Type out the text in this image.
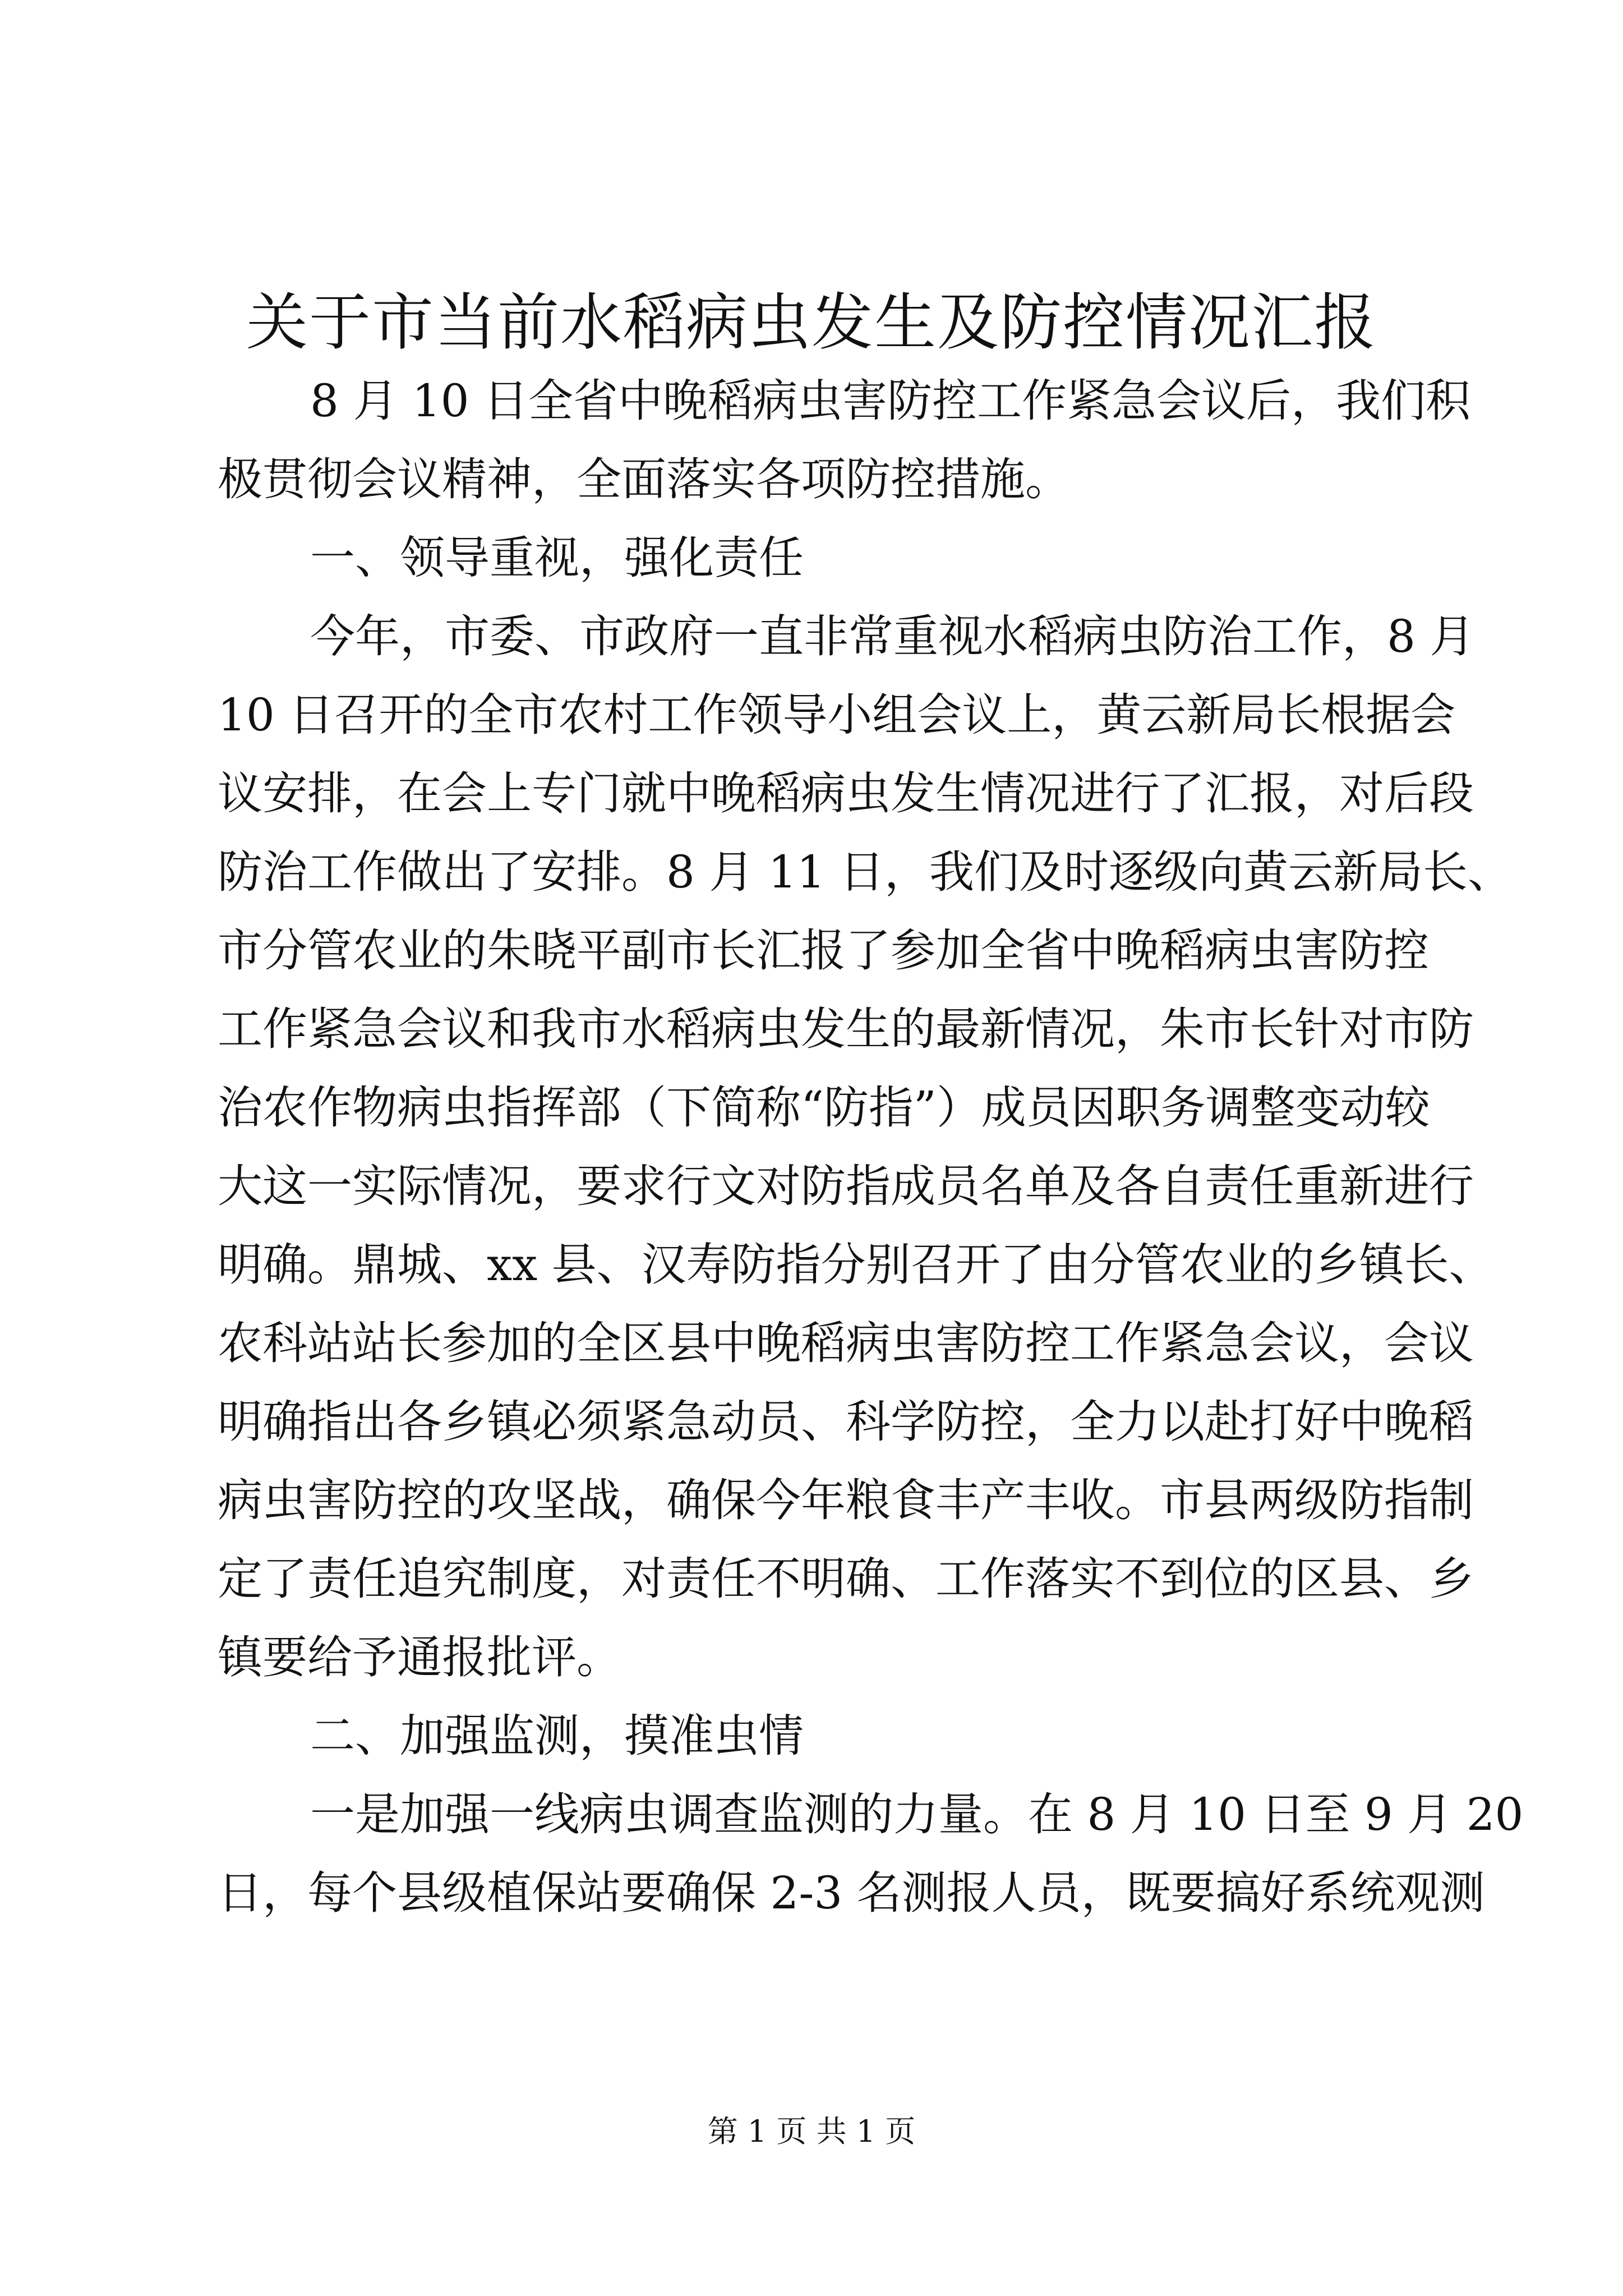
关于市当前水稻病虫发生及防控情况汇报
8 月 10 日全省中晚稻病虫害防控工作紧急会议后，我们积
极贯彻会议精神，全面落实各项防控措施。
一、领导重视，强化责任
今年，市委、市政府一直非常重视水稻病虫防治工作，8 月
10 日召开的全市农村工作领导小组会议上，黄云新局长根据会
议安排，在会上专门就中晚稻病虫发生情况进行了汇报，对后段
防治工作做出了安排。8 月 11 日，我们及时逐级向黄云新局长、
市分管农业的朱晓平副市长汇报了参加全省中晚稻病虫害防控
工作紧急会议和我市水稻病虫发生的最新情况，朱市长针对市防
治农作物病虫指挥部（下简称“防指”）成员因职务调整变动较
大这一实际情况，要求行文对防指成员名单及各自责任重新进行
明确。鼎城、xx 县、汉寿防指分别召开了由分管农业的乡镇长、
农科站站长参加的全区县中晚稻病虫害防控工作紧急会议，会议
明确指出各乡镇必须紧急动员、科学防控，全力以赴打好中晚稻
病虫害防控的攻坚战，确保今年粮食丰产丰收。市县两级防指制
定了责任追究制度，对责任不明确、工作落实不到位的区县、乡
镇要给予通报批评。
二、加强监测，摸准虫情
一是加强一线病虫调查监测的力量。在 8 月 10 日至 9 月 20
日，每个县级植保站要确保 2-3 名测报人员，既要搞好系统观测
第 1 页 共 1 页
